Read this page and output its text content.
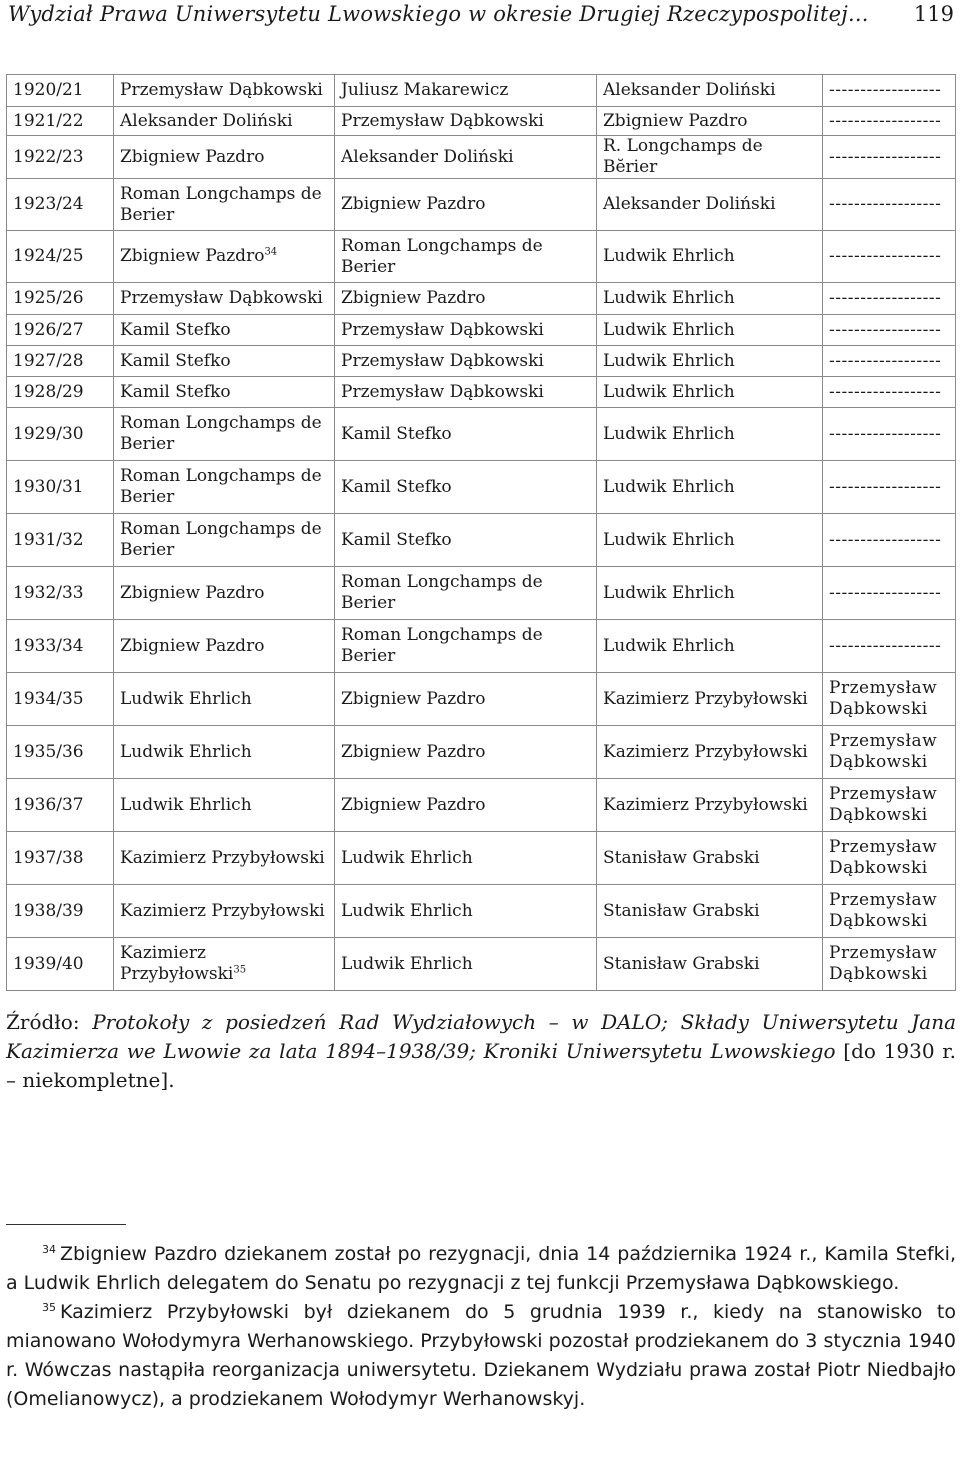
Wydział Prawa Uniwersytetu Lwowskiego w okresie Drugiej Rzeczypospolitej... 119
1920/21	Przemysław Dąbkowski	Juliusz Makarewicz	Aleksander Doliński	------------------
1921/22	Aleksander Doliński	Przemysław Dąbkowski	Zbigniew Pazdro	------------------
1922/23	Zbigniew Pazdro	Aleksander Doliński	R. Longchamps de Bĕrier	------------------
1923/24	Roman Longchamps de Berier	Zbigniew Pazdro	Aleksander Doliński	------------------
1924/25	Zbigniew Pazdro$^{34}$	Roman Longchamps de Berier	Ludwik Ehrlich	------------------
1925/26	Przemysław Dąbkowski	Zbigniew Pazdro	Ludwik Ehrlich	------------------
1926/27	Kamil Stefko	Przemysław Dąbkowski	Ludwik Ehrlich	------------------
1927/28	Kamil Stefko	Przemysław Dąbkowski	Ludwik Ehrlich	------------------
1928/29	Kamil Stefko	Przemysław Dąbkowski	Ludwik Ehrlich	------------------
1929/30	Roman Longchamps de Berier	Kamil Stefko	Ludwik Ehrlich	------------------
1930/31	Roman Longchamps de Berier	Kamil Stefko	Ludwik Ehrlich	------------------
1931/32	Roman Longchamps de Berier	Kamil Stefko	Ludwik Ehrlich	------------------
1932/33	Zbigniew Pazdro	Roman Longchamps de Berier	Ludwik Ehrlich	------------------
1933/34	Zbigniew Pazdro	Roman Longchamps de Berier	Ludwik Ehrlich	------------------
1934/35	Ludwik Ehrlich	Zbigniew Pazdro	Kazimierz Przybyłowski	Przemysław Dąbkowski
1935/36	Ludwik Ehrlich	Zbigniew Pazdro	Kazimierz Przybyłowski	Przemysław Dąbkowski
1936/37	Ludwik Ehrlich	Zbigniew Pazdro	Kazimierz Przybyłowski	Przemysław Dąbkowski
1937/38	Kazimierz Przybyłowski	Ludwik Ehrlich	Stanisław Grabski	Przemysław Dąbkowski
1938/39	Kazimierz Przybyłowski	Ludwik Ehrlich	Stanisław Grabski	Przemysław Dąbkowski
1939/40	Kazimierz Przybyłowski$^{35}$	Ludwik Ehrlich	Stanisław Grabski	Przemysław Dąbkowski
Źródło: Protokoły z posiedzeń Rad Wydziałowych – w DALO; Składy Uniwersytetu Jana Kazimierza we Lwowie za lata 1894–1938/39; Kroniki Uniwersytetu Lwowskiego [do 1930 r. – niekompletne].

$^{34}$ Zbigniew Pazdro dziekanem został po rezygnacji, dnia 14 października 1924 r., Kamila Stefki, a Ludwik Ehrlich delegatem do Senatu po rezygnacji z tej funkcji Przemysława Dąbkowskiego.

$^{35}$ Kazimierz Przybyłowski był dziekanem do 5 grudnia 1939 r., kiedy na stanowisko to mianowano Wołodymyra Werhanowskiego. Przybyłowski pozostał prodziekanem do 3 stycznia 1940 r. Wówczas nastąpiła reorganizacja uniwersytetu. Dziekanem Wydziału prawa został Piotr Niedbajło (Omelianowycz), a prodziekanem Wołodymyr Werhanowskyj.
